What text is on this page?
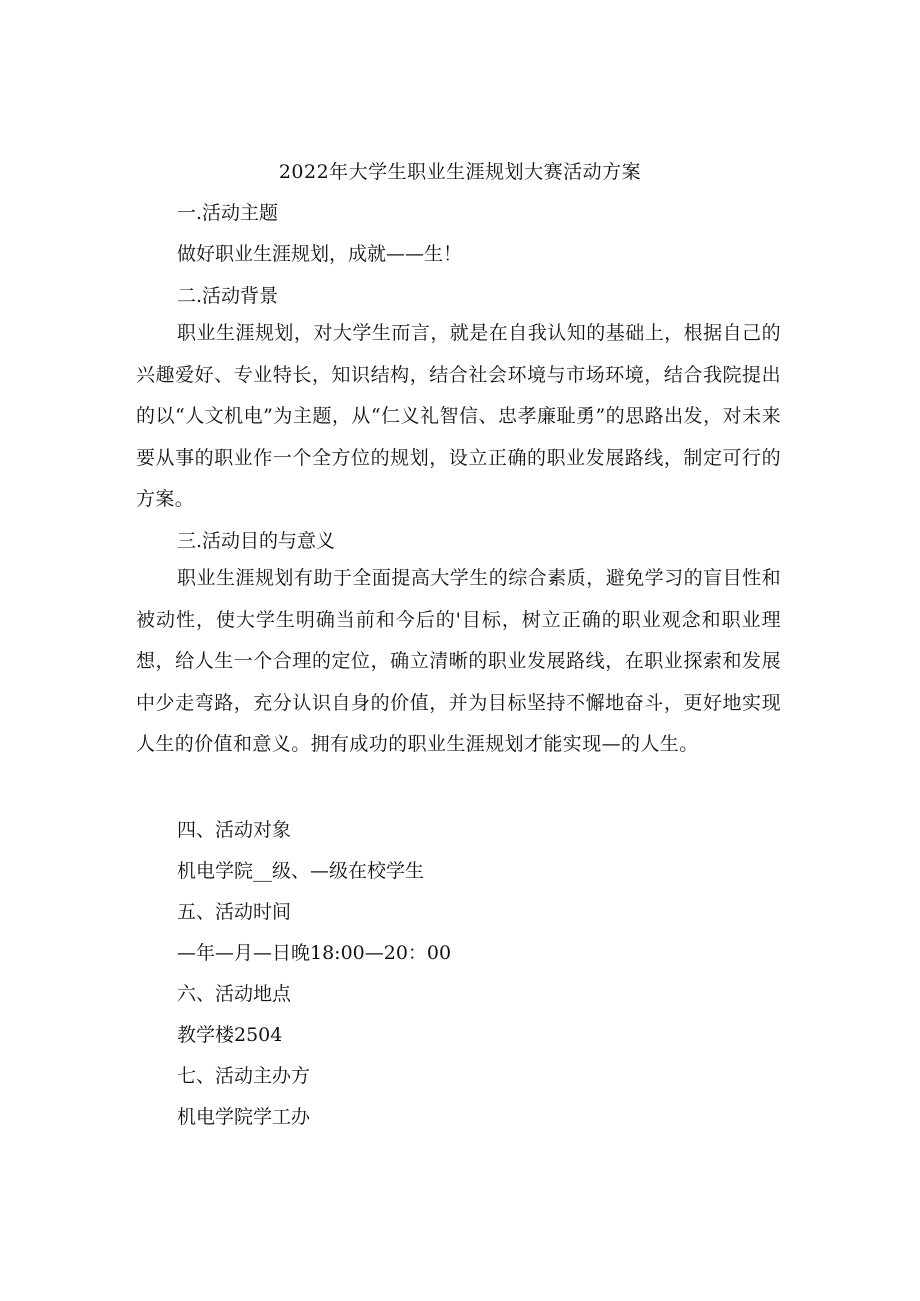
2022年大学生职业生涯规划大赛活动方案
一.活动主题
做好职业生涯规划，成就——生！
二.活动背景

职业生涯规划，对大学生而言，就是在自我认知的基础上，根据自己的兴趣爱好、专业特长，知识结构，结合社会环境与市场环境，结合我院提出的以“人文机电”为主题，从“仁义礼智信、忠孝廉耻勇”的思路出发，对未来要从事的职业作一个全方位的规划，设立正确的职业发展路线，制定可行的方案。

三.活动目的与意义

职业生涯规划有助于全面提高大学生的综合素质，避免学习的盲目性和被动性，使大学生明确当前和今后的'目标，树立正确的职业观念和职业理想，给人生一个合理的定位，确立清晰的职业发展路线，在职业探索和发展中少走弯路，充分认识自身的价值，并为目标坚持不懈地奋斗，更好地实现人生的价值和意义。拥有成功的职业生涯规划才能实现—的人生。

四、活动对象
机电学院__级、—级在校学生
五、活动时间
—年—月—日晚18:00—20：00
六、活动地点
教学楼2504
七、活动主办方
机电学院学工办
